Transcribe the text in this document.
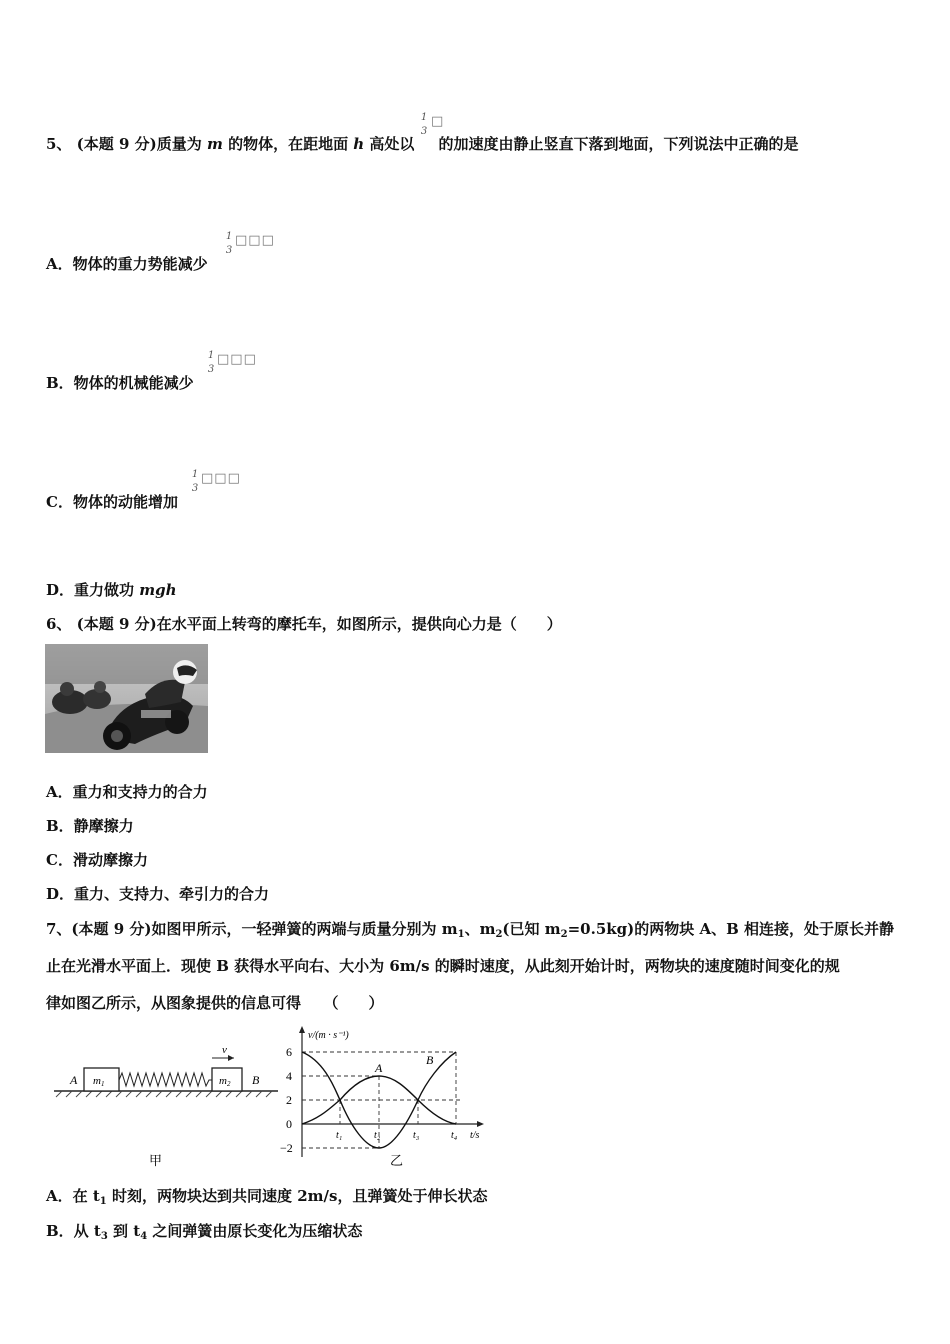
5、 (本题 9 分)质量为 m 的物体，在距地面 h 高处以 的加速度由静止竖直下落到地面，下列说法中正确的是
1
3
□
A．物体的重力势能减少
1
3
□□□
B．物体的机械能减少
1
3
□□□
C．物体的动能增加
1
3
□□□
D．重力做功 mgh
6、 (本题 9 分)在水平面上转弯的摩托车，如图所示，提供向心力是（　　）
A．重力和支持力的合力
B．静摩擦力
C．滑动摩擦力
D．重力、支持力、牵引力的合力
7、(本题 9 分)如图甲所示，一轻弹簧的两端与质量分别为 $m_1$、$m_2$(已知 $m_2=0.5kg$)的两物块 A、B 相连接，处于原长并静
止在光滑水平面上．现使 B 获得水平向右、大小为 6m/s 的瞬时速度，从此刻开始计时，两物块的速度随时间变化的规
律如图乙所示，从图象提供的信息可得　　（　　）
v
A	B
m1	m2
甲
v/(m · s⁻¹)
6
4
2
0
−2
A
B
t₁	t₂	t₃	t₄ t/s
乙
A．在 $t_1$ 时刻，两物块达到共同速度 2m/s，且弹簧处于伸长状态
B．从 $t_3$ 到 $t_4$ 之间弹簧由原长变化为压缩状态
